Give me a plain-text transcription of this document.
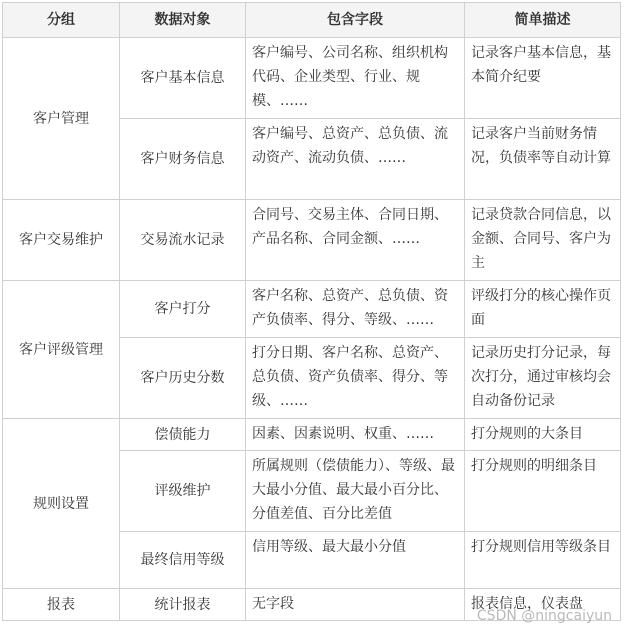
分组	数据对象	包含字段	简单描述
客户管理	客户基本信息	客户编号、公司名称、组织机构代码、企业类型、行业、规模、……	记录客户基本信息，基本简介纪要
	客户财务信息	客户编号、总资产、总负债、流动资产、流动负债、……	记录客户当前财务情况，负债率等自动计算
客户交易维护	交易流水记录	合同号、交易主体、合同日期、产品名称、合同金额、……	记录贷款合同信息，以金额、合同号、客户为主
客户评级管理	客户打分	客户名称、总资产、总负债、资产负债率、得分、等级、……	评级打分的核心操作页面
	客户历史分数	打分日期、客户名称、总资产、总负债、资产负债率、得分、等级、……	记录历史打分记录，每次打分，通过审核均会自动备份记录
规则设置	偿债能力	因素、因素说明、权重、……	打分规则的大条目
	评级维护	所属规则（偿债能力）、等级、最大最小分值、最大最小百分比、分值差值、百分比差值	打分规则的明细条目
	最终信用等级	信用等级、最大最小分值	打分规则信用等级条目
报表	统计报表	无字段	报表信息，仪表盘
CSDN @ningcaiyun
